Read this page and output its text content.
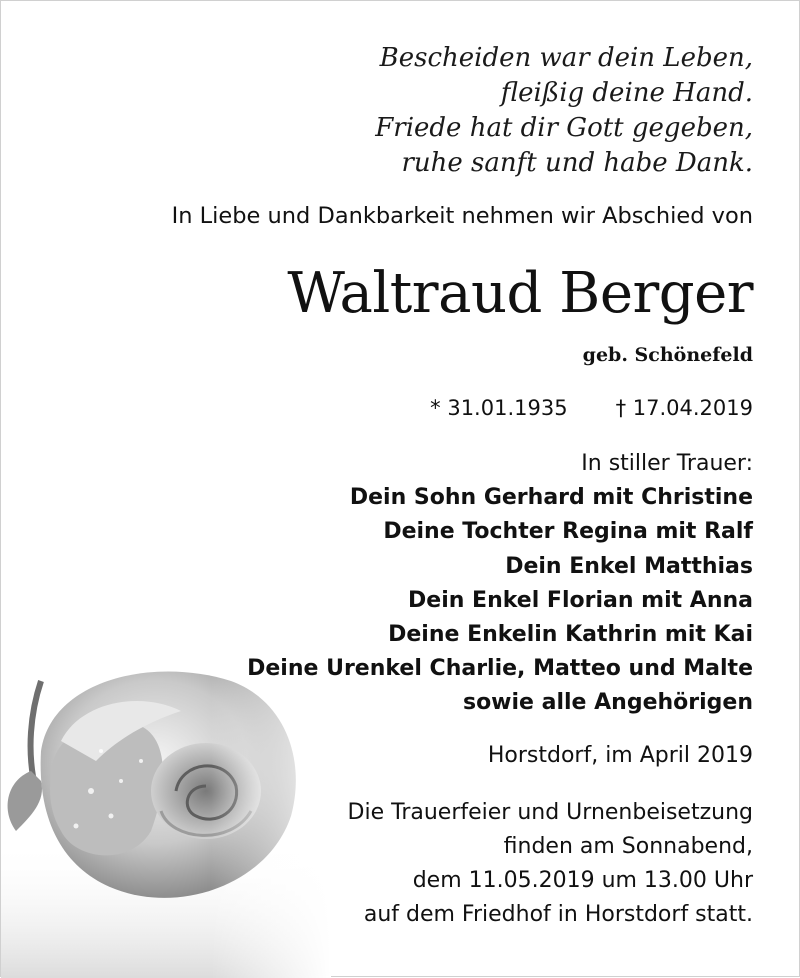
Bescheiden war dein Leben,
fleißig deine Hand.
Friede hat dir Gott gegeben,
ruhe sanft und habe Dank.
In Liebe und Dankbarkeit nehmen wir Abschied von
Waltraud Berger
geb. Schönefeld
* 31.01.1935 † 17.04.2019
In stiller Trauer:
Dein Sohn Gerhard mit Christine
Deine Tochter Regina mit Ralf
Dein Enkel Matthias
Dein Enkel Florian mit Anna
Deine Enkelin Kathrin mit Kai
Deine Urenkel Charlie, Matteo und Malte
sowie alle Angehörigen
Horstdorf, im April 2019
Die Trauerfeier und Urnenbeisetzung
finden am Sonnabend,
dem 11.05.2019 um 13.00 Uhr
auf dem Friedhof in Horstdorf statt.
